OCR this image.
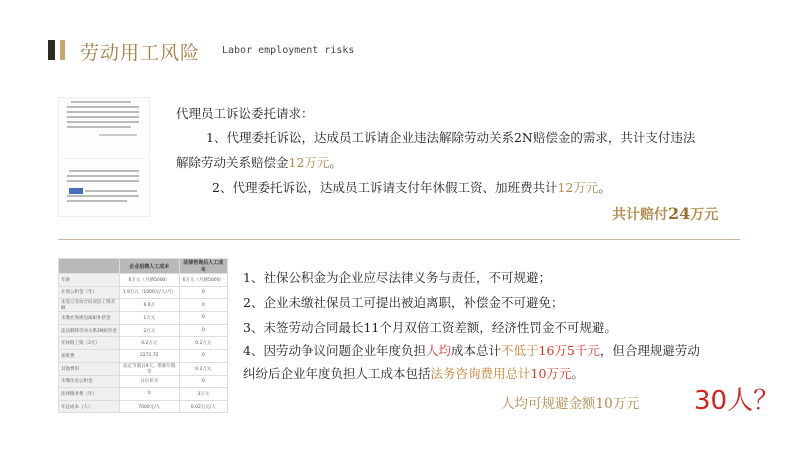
劳动用工风险 Labor employment risks
代理员工诉讼委托请求：
1、代理委托诉讼，达成员工诉请企业违法解除劳动关系2N赔偿金的需求，共计支付违法
解除劳动关系赔偿金12万元。
2、代理委托诉讼，达成员工诉请支付年休假工资、加班费共计12万元。
共计赔付24万元
	企业招聘人工成本	法律咨询后人工成本
年薪	6万元（月薪5000）	6万元（月薪5000）
社保公积金（年）	1.9万元（1000元/人/月）	0
未签订劳动合同双倍工资差额	6.6万	0
未缴社保被迫离职补偿金	1万元	0
违法解除劳动关系2N赔偿金	2万元	0
年休假工资（3天）	0.2万元	0.2万元
加班费	2272.72	0
其他费用	法定节假日9天、带薪年假等	0.2万元
未缴住房公积金	日后补交	0
法律服务费（年）	0	3万元
年总成本（人）	7000元/人	0.02万元/人
1、社保公积金为企业应尽法律义务与责任，不可规避；
2、企业未缴社保员工可提出被迫离职，补偿金不可避免；
3、未签劳动合同最长11个月双倍工资差额，经济性罚金不可规避。
4、因劳动争议问题企业年度负担人均成本总计不低于16万5千元，但合理规避劳动
纠纷后企业年度负担人工成本包括法务咨询费用总计10万元。
人均可规避金额10万元 30人？
